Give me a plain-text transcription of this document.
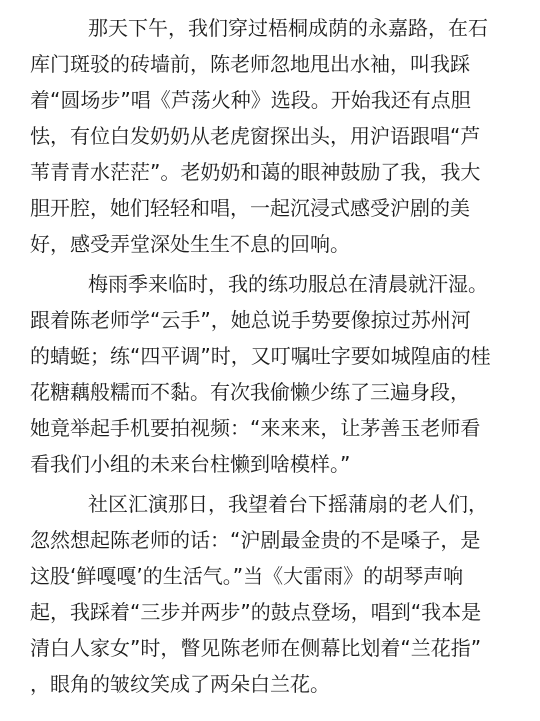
那天下午，我们穿过梧桐成荫的永嘉路，在石
库门斑驳的砖墙前，陈老师忽地甩出水袖，叫我踩
着“圆场步”唱《芦荡火种》选段。开始我还有点胆
怯，有位白发奶奶从老虎窗探出头，用沪语跟唱“芦
苇青青水茫茫”。老奶奶和蔼的眼神鼓励了我，我大
胆开腔，她们轻轻和唱，一起沉浸式感受沪剧的美
好，感受弄堂深处生生不息的回响。
梅雨季来临时，我的练功服总在清晨就汗湿。
跟着陈老师学“云手”，她总说手势要像掠过苏州河
的蜻蜓；练“四平调”时，又叮嘱吐字要如城隍庙的桂
花糖藕般糯而不黏。有次我偷懒少练了三遍身段，
她竟举起手机要拍视频：“来来来，让茅善玉老师看
看我们小组的未来台柱懒到啥模样。”
社区汇演那日，我望着台下摇蒲扇的老人们，
忽然想起陈老师的话：“沪剧最金贵的不是嗓子，是
这股‘鲜嘎嘎’的生活气。”当《大雷雨》的胡琴声响
起，我踩着“三步并两步”的鼓点登场，唱到“我本是
清白人家女”时，瞥见陈老师在侧幕比划着“兰花指”
，眼角的皱纹笑成了两朵白兰花。
